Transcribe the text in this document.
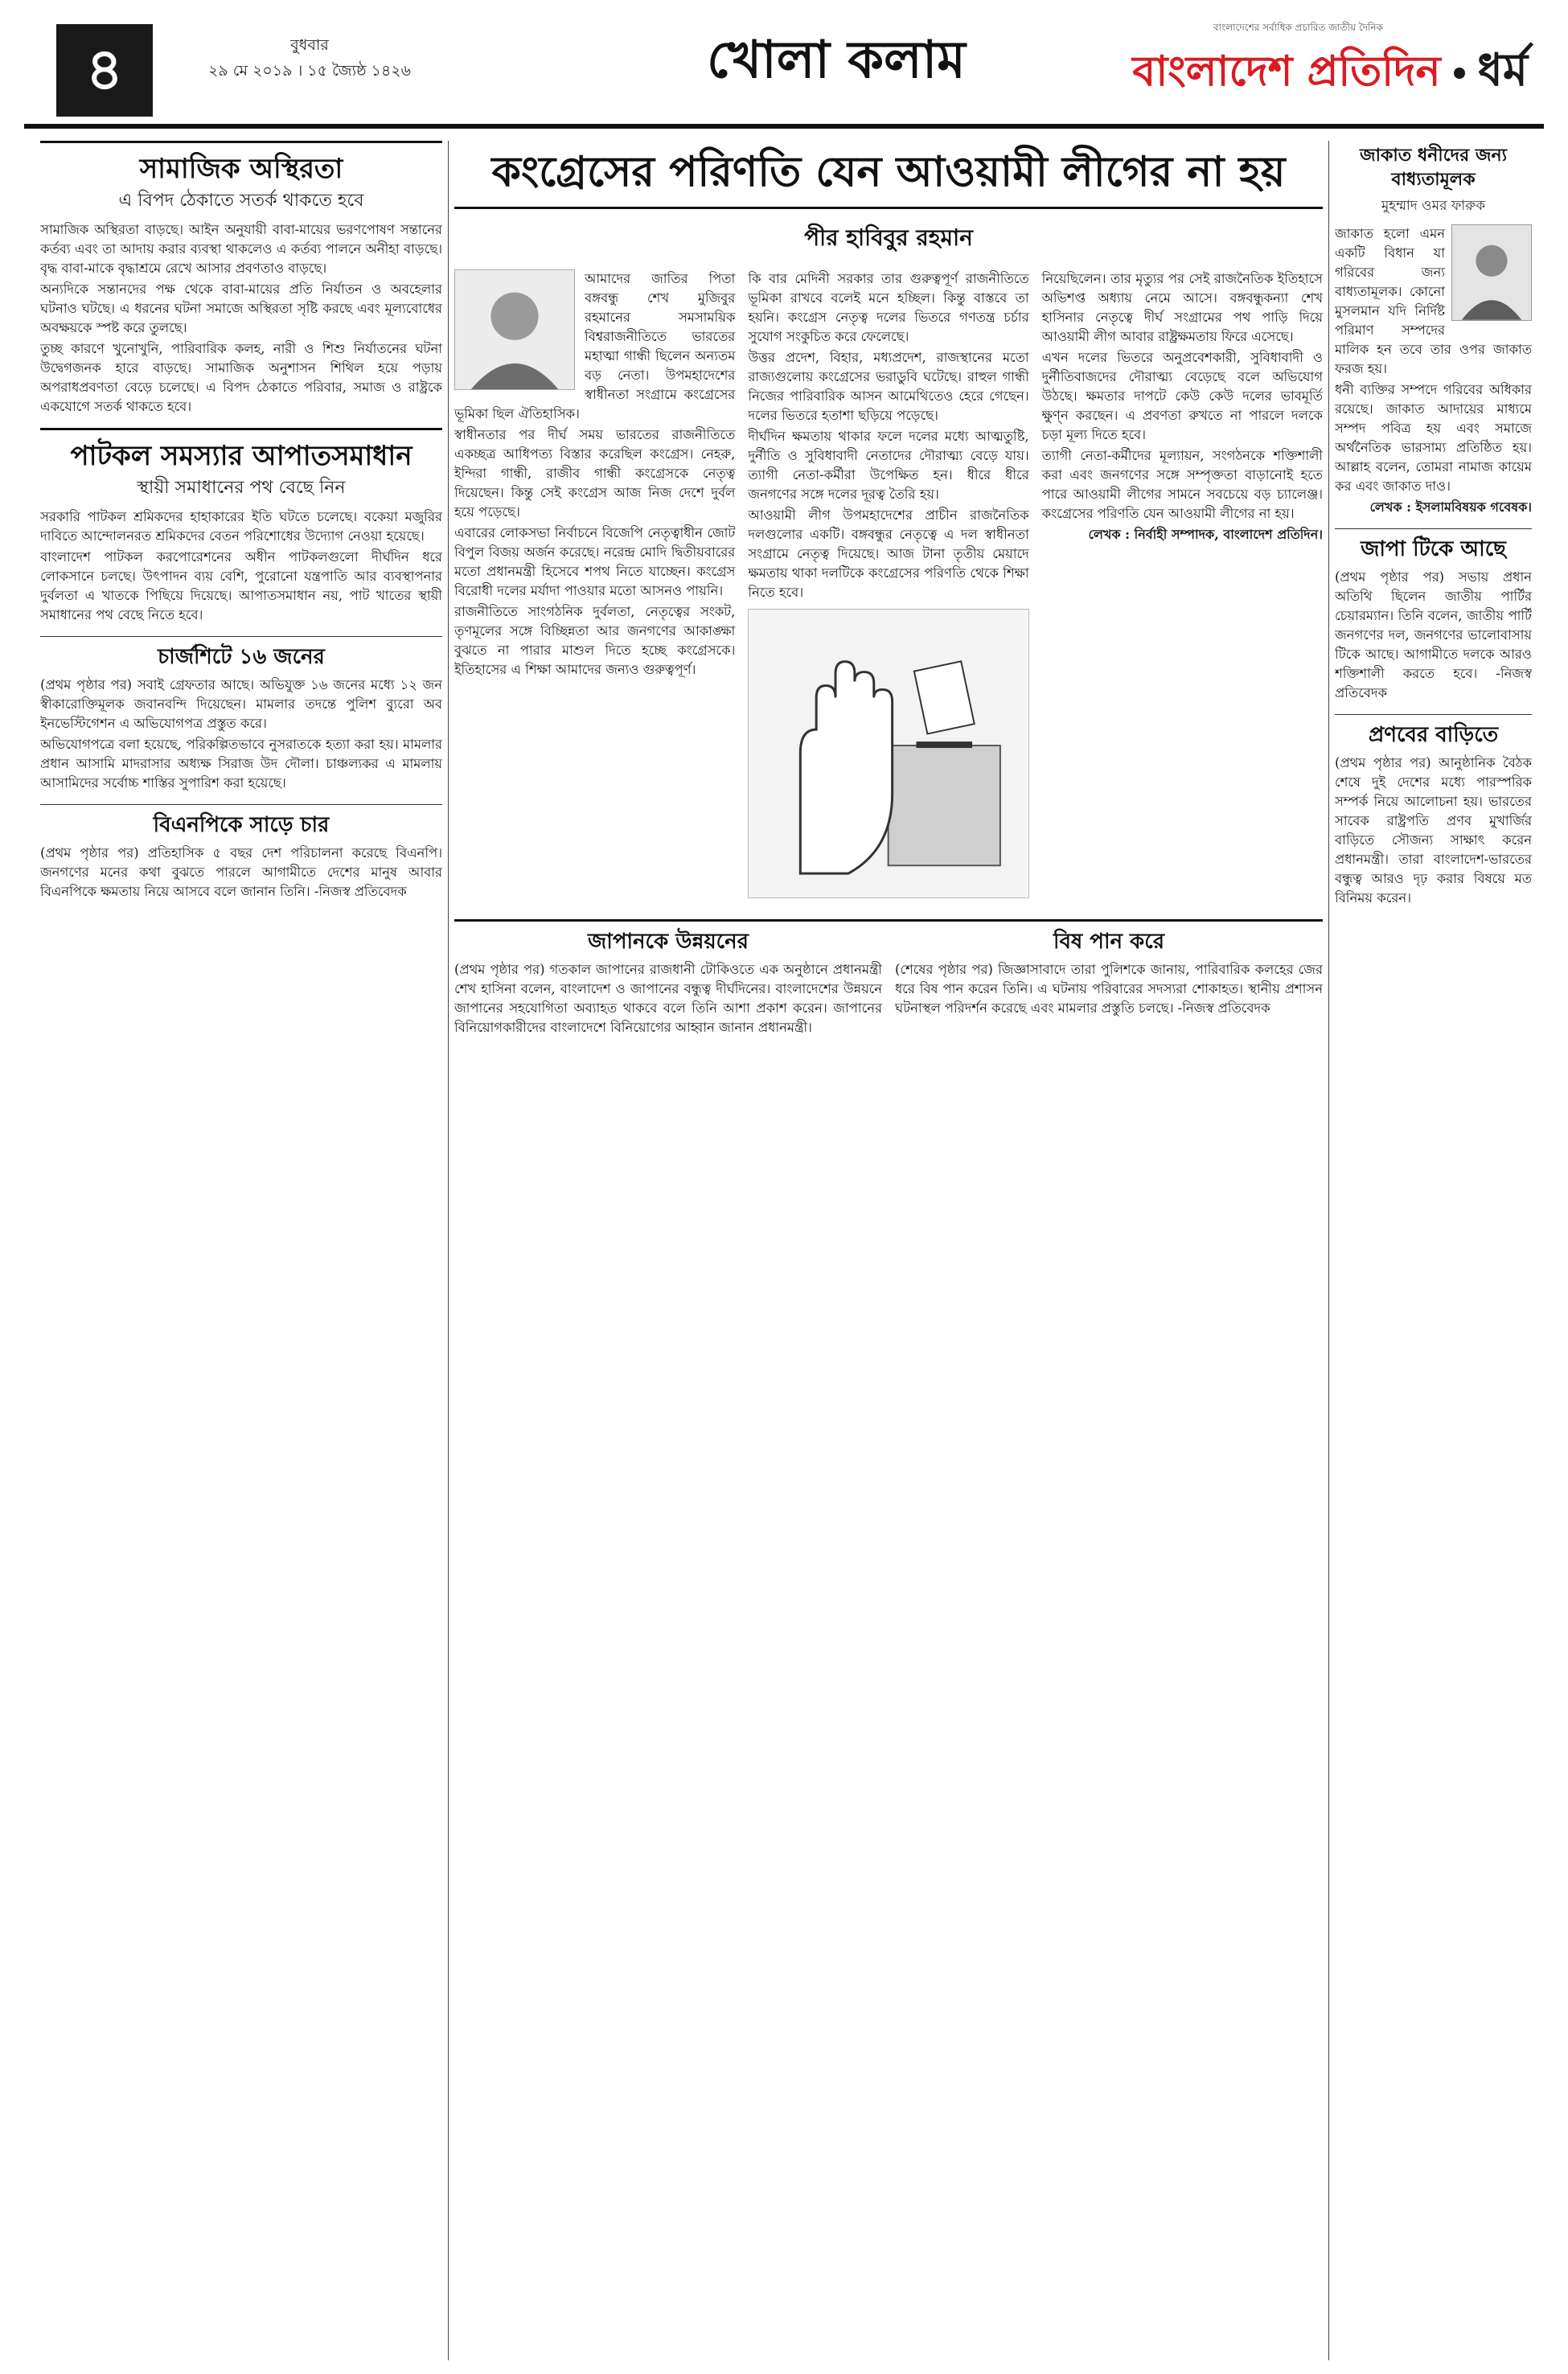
৪	বুধবার
২৯ মে ২০১৯ । ১৫ জ্যৈষ্ঠ ১৪২৬	খোলা কলাম
বাংলাদেশের সর্বাধিক প্রচারিত জাতীয় দৈনিক
বাংলাদেশ প্রতিদিন ধর্ম
সামাজিক অস্থিরতা
এ বিপদ ঠেকাতে সতর্ক থাকতে হবে

সামাজিক অস্থিরতা বাড়ছে। আইন অনুযায়ী বাবা-মায়ের ভরণপোষণ সন্তানের কর্তব্য এবং তা আদায় করার ব্যবস্থা থাকলেও এ কর্তব্য পালনে অনীহা বাড়ছে। বৃদ্ধ বাবা-মাকে বৃদ্ধাশ্রমে রেখে আসার প্রবণতাও বাড়ছে।

অন্যদিকে সন্তানদের পক্ষ থেকে বাবা-মায়ের প্রতি নির্যাতন ও অবহেলার ঘটনাও ঘটছে। এ ধরনের ঘটনা সমাজে অস্থিরতা সৃষ্টি করছে এবং মূল্যবোধের অবক্ষয়কে স্পষ্ট করে তুলছে।

তুচ্ছ কারণে খুনোখুনি, পারিবারিক কলহ, নারী ও শিশু নির্যাতনের ঘটনা উদ্বেগজনক হারে বাড়ছে। সামাজিক অনুশাসন শিথিল হয়ে পড়ায় অপরাধপ্রবণতা বেড়ে চলেছে। এ বিপদ ঠেকাতে পরিবার, সমাজ ও রাষ্ট্রকে একযোগে সতর্ক থাকতে হবে।

পাটকল সমস্যার আপাতসমাধান
স্থায়ী সমাধানের পথ বেছে নিন

সরকারি পাটকল শ্রমিকদের হাহাকারের ইতি ঘটতে চলেছে। বকেয়া মজুরির দাবিতে আন্দোলনরত শ্রমিকদের বেতন পরিশোধের উদ্যোগ নেওয়া হয়েছে।

বাংলাদেশ পাটকল করপোরেশনের অধীন পাটকলগুলো দীর্ঘদিন ধরে লোকসানে চলছে। উৎপাদন ব্যয় বেশি, পুরোনো যন্ত্রপাতি আর ব্যবস্থাপনার দুর্বলতা এ খাতকে পিছিয়ে দিয়েছে। আপাতসমাধান নয়, পাট খাতের স্থায়ী সমাধানের পথ বেছে নিতে হবে।

চার্জশিটে ১৬ জনের

(প্রথম পৃষ্ঠার পর) সবাই গ্রেফতার আছে। অভিযুক্ত ১৬ জনের মধ্যে ১২ জন স্বীকারোক্তিমূলক জবানবন্দি দিয়েছেন। মামলার তদন্তে পুলিশ ব্যুরো অব ইনভেস্টিগেশন এ অভিযোগপত্র প্রস্তুত করে।

অভিযোগপত্রে বলা হয়েছে, পরিকল্পিতভাবে নুসরাতকে হত্যা করা হয়। মামলার প্রধান আসামি মাদরাসার অধ্যক্ষ সিরাজ উদ দৌলা। চাঞ্চল্যকর এ মামলায় আসামিদের সর্বোচ্চ শাস্তির সুপারিশ করা হয়েছে।

বিএনপিকে সাড়ে চার

(প্রথম পৃষ্ঠার পর) প্রতিহাসিক ৫ বছর দেশ পরিচালনা করেছে বিএনপি। জনগণের মনের কথা বুঝতে পারলে আগামীতে দেশের মানুষ আবার বিএনপিকে ক্ষমতায় নিয়ে আসবে বলে জানান তিনি। -নিজস্ব প্রতিবেদক

কংগ্রেসের পরিণতি যেন আওয়ামী লীগের না হয়
পীর হাবিবুর রহমান

আমাদের জাতির পিতা বঙ্গবন্ধু শেখ মুজিবুর রহমানের সমসাময়িক বিশ্বরাজনীতিতে ভারতের মহাত্মা গান্ধী ছিলেন অন্যতম বড় নেতা। উপমহাদেশের স্বাধীনতা সংগ্রামে কংগ্রেসের ভূমিকা ছিল ঐতিহাসিক।

স্বাধীনতার পর দীর্ঘ সময় ভারতের রাজনীতিতে একচ্ছত্র আধিপত্য বিস্তার করেছিল কংগ্রেস। নেহরু, ইন্দিরা গান্ধী, রাজীব গান্ধী কংগ্রেসকে নেতৃত্ব দিয়েছেন। কিন্তু সেই কংগ্রেস আজ নিজ দেশে দুর্বল হয়ে পড়েছে।

এবারের লোকসভা নির্বাচনে বিজেপি নেতৃত্বাধীন জোট বিপুল বিজয় অর্জন করেছে। নরেন্দ্র মোদি দ্বিতীয়বারের মতো প্রধানমন্ত্রী হিসেবে শপথ নিতে যাচ্ছেন। কংগ্রেস বিরোধী দলের মর্যাদা পাওয়ার মতো আসনও পায়নি।

রাজনীতিতে সাংগঠনিক দুর্বলতা, নেতৃত্বের সংকট, তৃণমূলের সঙ্গে বিচ্ছিন্নতা আর জনগণের আকাঙ্ক্ষা বুঝতে না পারার মাশুল দিতে হচ্ছে কংগ্রেসকে। ইতিহাসের এ শিক্ষা আমাদের জন্যও গুরুত্বপূর্ণ।

কি বার মেদিনী সরকার তার গুরুত্বপূর্ণ রাজনীতিতে ভূমিকা রাখবে বলেই মনে হচ্ছিল। কিন্তু বাস্তবে তা হয়নি। কংগ্রেস নেতৃত্ব দলের ভিতরে গণতন্ত্র চর্চার সুযোগ সংকুচিত করে ফেলেছে।

উত্তর প্রদেশ, বিহার, মধ্যপ্রদেশ, রাজস্থানের মতো রাজ্যগুলোয় কংগ্রেসের ভরাডুবি ঘটেছে। রাহুল গান্ধী নিজের পারিবারিক আসন আমেথিতেও হেরে গেছেন। দলের ভিতরে হতাশা ছড়িয়ে পড়েছে।

দীর্ঘদিন ক্ষমতায় থাকার ফলে দলের মধ্যে আত্মতুষ্টি, দুর্নীতি ও সুবিধাবাদী নেতাদের দৌরাত্ম্য বেড়ে যায়। ত্যাগী নেতা-কর্মীরা উপেক্ষিত হন। ধীরে ধীরে জনগণের সঙ্গে দলের দূরত্ব তৈরি হয়।

আওয়ামী লীগ উপমহাদেশের প্রাচীন রাজনৈতিক দলগুলোর একটি। বঙ্গবন্ধুর নেতৃত্বে এ দল স্বাধীনতা সংগ্রামে নেতৃত্ব দিয়েছে। আজ টানা তৃতীয় মেয়াদে ক্ষমতায় থাকা দলটিকে কংগ্রেসের পরিণতি থেকে শিক্ষা নিতে হবে।

নিয়েছিলেন। তার মৃত্যুর পর সেই রাজনৈতিক ইতিহাসে অভিশপ্ত অধ্যায় নেমে আসে। বঙ্গবন্ধুকন্যা শেখ হাসিনার নেতৃত্বে দীর্ঘ সংগ্রামের পথ পাড়ি দিয়ে আওয়ামী লীগ আবার রাষ্ট্রক্ষমতায় ফিরে এসেছে।

এখন দলের ভিতরে অনুপ্রবেশকারী, সুবিধাবাদী ও দুর্নীতিবাজদের দৌরাত্ম্য বেড়েছে বলে অভিযোগ উঠছে। ক্ষমতার দাপটে কেউ কেউ দলের ভাবমূর্তি ক্ষুণ্ন করছেন। এ প্রবণতা রুখতে না পারলে দলকে চড়া মূল্য দিতে হবে।

ত্যাগী নেতা-কর্মীদের মূল্যায়ন, সংগঠনকে শক্তিশালী করা এবং জনগণের সঙ্গে সম্পৃক্ততা বাড়ানোই হতে পারে আওয়ামী লীগের সামনে সবচেয়ে বড় চ্যালেঞ্জ। কংগ্রেসের পরিণতি যেন আওয়ামী লীগের না হয়।

লেখক : নির্বাহী সম্পাদক, বাংলাদেশ প্রতিদিন।

জাপানকে উন্নয়নের
(প্রথম পৃষ্ঠার পর) গতকাল জাপানের রাজধানী টোকিওতে এক অনুষ্ঠানে প্রধানমন্ত্রী শেখ হাসিনা বলেন, বাংলাদেশ ও জাপানের বন্ধুত্ব দীর্ঘদিনের। বাংলাদেশের উন্নয়নে জাপানের সহযোগিতা অব্যাহত থাকবে বলে তিনি আশা প্রকাশ করেন। জাপানের বিনিয়োগকারীদের বাংলাদেশে বিনিয়োগের আহ্বান জানান প্রধানমন্ত্রী।
বিষ পান করে
(শেষের পৃষ্ঠার পর) জিজ্ঞাসাবাদে তারা পুলিশকে জানায়, পারিবারিক কলহের জের ধরে বিষ পান করেন তিনি। এ ঘটনায় পরিবারের সদস্যরা শোকাহত। স্থানীয় প্রশাসন ঘটনাস্থল পরিদর্শন করেছে এবং মামলার প্রস্তুতি চলছে। -নিজস্ব প্রতিবেদক
জাকাত ধনীদের জন্য বাধ্যতামূলক
মুহম্মাদ ওমর ফারুক

জাকাত হলো এমন একটি বিধান যা গরিবের জন্য বাধ্যতামূলক। কোনো মুসলমান যদি নির্দিষ্ট পরিমাণ সম্পদের মালিক হন তবে তার ওপর জাকাত ফরজ হয়।

ধনী ব্যক্তির সম্পদে গরিবের অধিকার রয়েছে। জাকাত আদায়ের মাধ্যমে সম্পদ পবিত্র হয় এবং সমাজে অর্থনৈতিক ভারসাম্য প্রতিষ্ঠিত হয়। আল্লাহ বলেন, তোমরা নামাজ কায়েম কর এবং জাকাত দাও।

লেখক : ইসলামবিষয়ক গবেষক।

জাপা টিকে আছে
(প্রথম পৃষ্ঠার পর) সভায় প্রধান অতিথি ছিলেন জাতীয় পার্টির চেয়ারম্যান। তিনি বলেন, জাতীয় পার্টি জনগণের দল, জনগণের ভালোবাসায় টিকে আছে। আগামীতে দলকে আরও শক্তিশালী করতে হবে। -নিজস্ব প্রতিবেদক
প্রণবের বাড়িতে
(প্রথম পৃষ্ঠার পর) আনুষ্ঠানিক বৈঠক শেষে দুই দেশের মধ্যে পারস্পরিক সম্পর্ক নিয়ে আলোচনা হয়। ভারতের সাবেক রাষ্ট্রপতি প্রণব মুখার্জির বাড়িতে সৌজন্য সাক্ষাৎ করেন প্রধানমন্ত্রী। তারা বাংলাদেশ-ভারতের বন্ধুত্ব আরও দৃঢ় করার বিষয়ে মত বিনিময় করেন।
